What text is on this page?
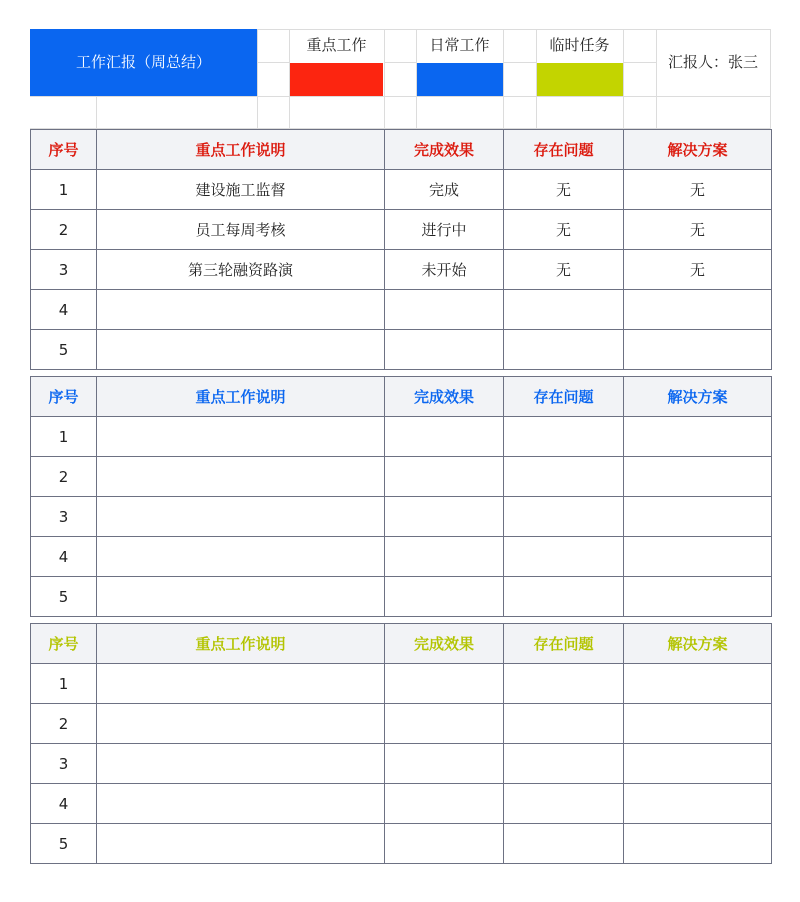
工作汇报（周总结）
重点工作	日常工作	临时任务
汇报人：张三
序号	重点工作说明	完成效果	存在问题	解决方案
1	建设施工监督	完成	无	无
2	员工每周考核	进行中	无	无
3	第三轮融资路演	未开始	无	无
4				
5				
序号	重点工作说明	完成效果	存在问题	解决方案
1				
2				
3				
4				
5				
序号	重点工作说明	完成效果	存在问题	解决方案
1				
2				
3				
4				
5				
